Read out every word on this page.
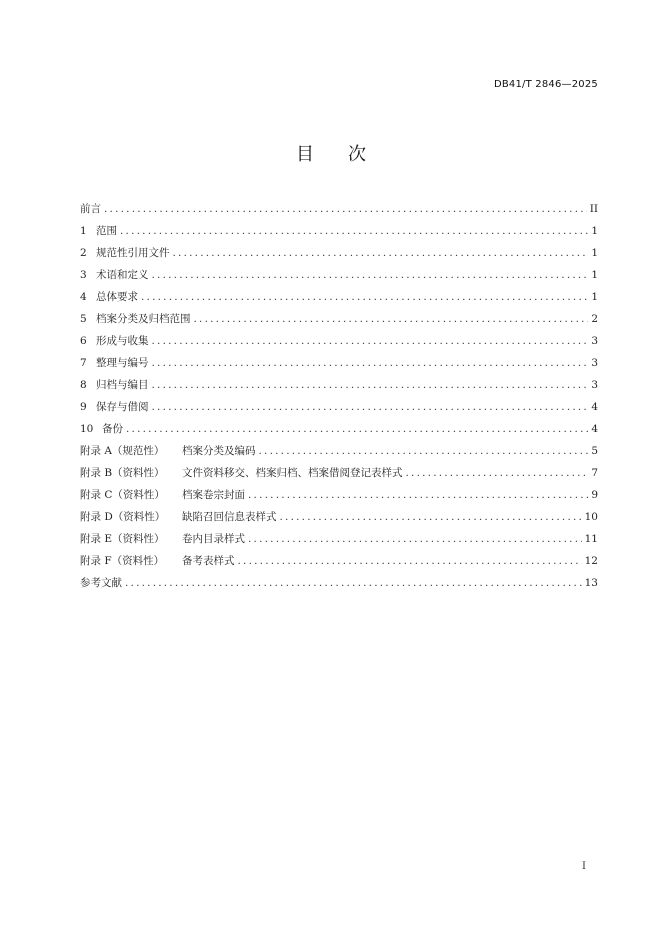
DB41/T 2846—2025
目次
前言 .....	II
1 范围 .....	1
2 规范性引用文件 .....	1
3 术语和定义 .....	1
4 总体要求 .....	1
5 档案分类及归档范围 .....	2
6 形成与收集 .....	3
7 整理与编号 .....	3
8 归档与编目 .....	3
9 保存与借阅 .....	4
10 备份 .....	4
附录 A（规范性）	档案分类及编码 .....	5
附录 B（资料性）	文件资料移交、档案归档、档案借阅登记表样式 .....	7
附录 C（资料性）	档案卷宗封面 .....	9
附录 D（资料性）	缺陷召回信息表样式 .....	10
附录 E（资料性）	卷内目录样式 .....	11
附录 F（资料性）	备考表样式 .....	12
参考文献 .....	13
I
